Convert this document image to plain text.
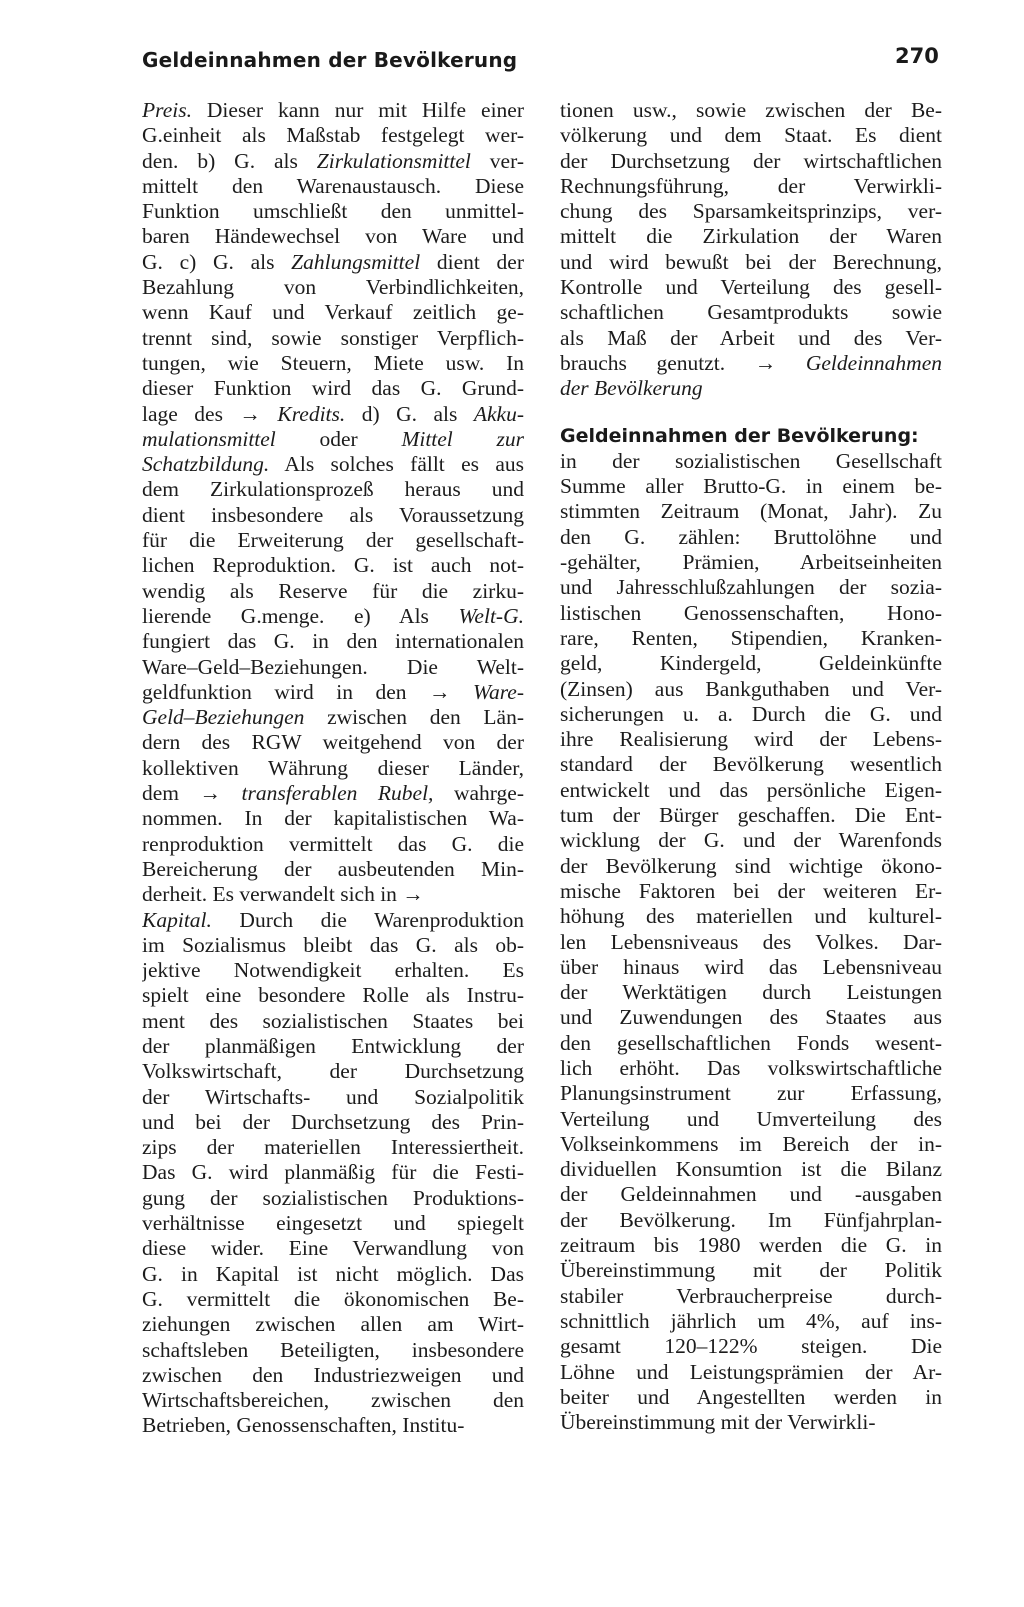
Geldeinnahmen der Bevölkerung	270
Preis. Dieser kann nur mit Hilfe einer
G.einheit als Maßstab festgelegt wer-
den. b) G. als Zirkulationsmittel ver-
mittelt den Warenaustausch. Diese
Funktion umschließt den unmittel-
baren Händewechsel von Ware und
G. c) G. als Zahlungsmittel dient der
Bezahlung von Verbindlichkeiten,
wenn Kauf und Verkauf zeitlich ge-
trennt sind, sowie sonstiger Verpflich-
tungen, wie Steuern, Miete usw. In
dieser Funktion wird das G. Grund-
lage des → Kredits. d) G. als Akku-
mulationsmittel oder Mittel zur
Schatzbildung. Als solches fällt es aus
dem Zirkulationsprozeß heraus und
dient insbesondere als Voraussetzung
für die Erweiterung der gesellschaft-
lichen Reproduktion. G. ist auch not-
wendig als Reserve für die zirku-
lierende G.menge. e) Als Welt-G.
fungiert das G. in den internationalen
Ware–Geld–Beziehungen. Die Welt-
geldfunktion wird in den → Ware-
Geld–Beziehungen zwischen den Län-
dern des RGW weitgehend von der
kollektiven Währung dieser Länder,
dem → transferablen Rubel, wahrge-
nommen. In der kapitalistischen Wa-
renproduktion vermittelt das G. die
Bereicherung der ausbeutenden Min-
derheit. Es verwandelt sich in →
Kapital. Durch die Warenproduktion
im Sozialismus bleibt das G. als ob-
jektive Notwendigkeit erhalten. Es
spielt eine besondere Rolle als Instru-
ment des sozialistischen Staates bei
der planmäßigen Entwicklung der
Volkswirtschaft, der Durchsetzung
der Wirtschafts- und Sozialpolitik
und bei der Durchsetzung des Prin-
zips der materiellen Interessiertheit.
Das G. wird planmäßig für die Festi-
gung der sozialistischen Produktions-
verhältnisse eingesetzt und spiegelt
diese wider. Eine Verwandlung von
G. in Kapital ist nicht möglich. Das
G. vermittelt die ökonomischen Be-
ziehungen zwischen allen am Wirt-
schaftsleben Beteiligten, insbesondere
zwischen den Industriezweigen und
Wirtschaftsbereichen, zwischen den
Betrieben, Genossenschaften, Institu-
tionen usw., sowie zwischen der Be-
völkerung und dem Staat. Es dient
der Durchsetzung der wirtschaftlichen
Rechnungsführung, der Verwirkli-
chung des Sparsamkeitsprinzips, ver-
mittelt die Zirkulation der Waren
und wird bewußt bei der Berechnung,
Kontrolle und Verteilung des gesell-
schaftlichen Gesamtprodukts sowie
als Maß der Arbeit und des Ver-
brauchs genutzt. → Geldeinnahmen
der Bevölkerung
Geldeinnahmen der Bevölkerung:
in der sozialistischen Gesellschaft
Summe aller Brutto-G. in einem be-
stimmten Zeitraum (Monat, Jahr). Zu
den G. zählen: Bruttolöhne und
-gehälter, Prämien, Arbeitseinheiten
und Jahresschlußzahlungen der sozia-
listischen Genossenschaften, Hono-
rare, Renten, Stipendien, Kranken-
geld, Kindergeld, Geldeinkünfte
(Zinsen) aus Bankguthaben und Ver-
sicherungen u. a. Durch die G. und
ihre Realisierung wird der Lebens-
standard der Bevölkerung wesentlich
entwickelt und das persönliche Eigen-
tum der Bürger geschaffen. Die Ent-
wicklung der G. und der Warenfonds
der Bevölkerung sind wichtige ökono-
mische Faktoren bei der weiteren Er-
höhung des materiellen und kulturel-
len Lebensniveaus des Volkes. Dar-
über hinaus wird das Lebensniveau
der Werktätigen durch Leistungen
und Zuwendungen des Staates aus
den gesellschaftlichen Fonds wesent-
lich erhöht. Das volkswirtschaftliche
Planungsinstrument zur Erfassung,
Verteilung und Umverteilung des
Volkseinkommens im Bereich der in-
dividuellen Konsumtion ist die Bilanz
der Geldeinnahmen und -ausgaben
der Bevölkerung. Im Fünfjahrplan-
zeitraum bis 1980 werden die G. in
Übereinstimmung mit der Politik
stabiler Verbraucherpreise durch-
schnittlich jährlich um 4%, auf ins-
gesamt 120–122% steigen. Die
Löhne und Leistungsprämien der Ar-
beiter und Angestellten werden in
Übereinstimmung mit der Verwirkli-
